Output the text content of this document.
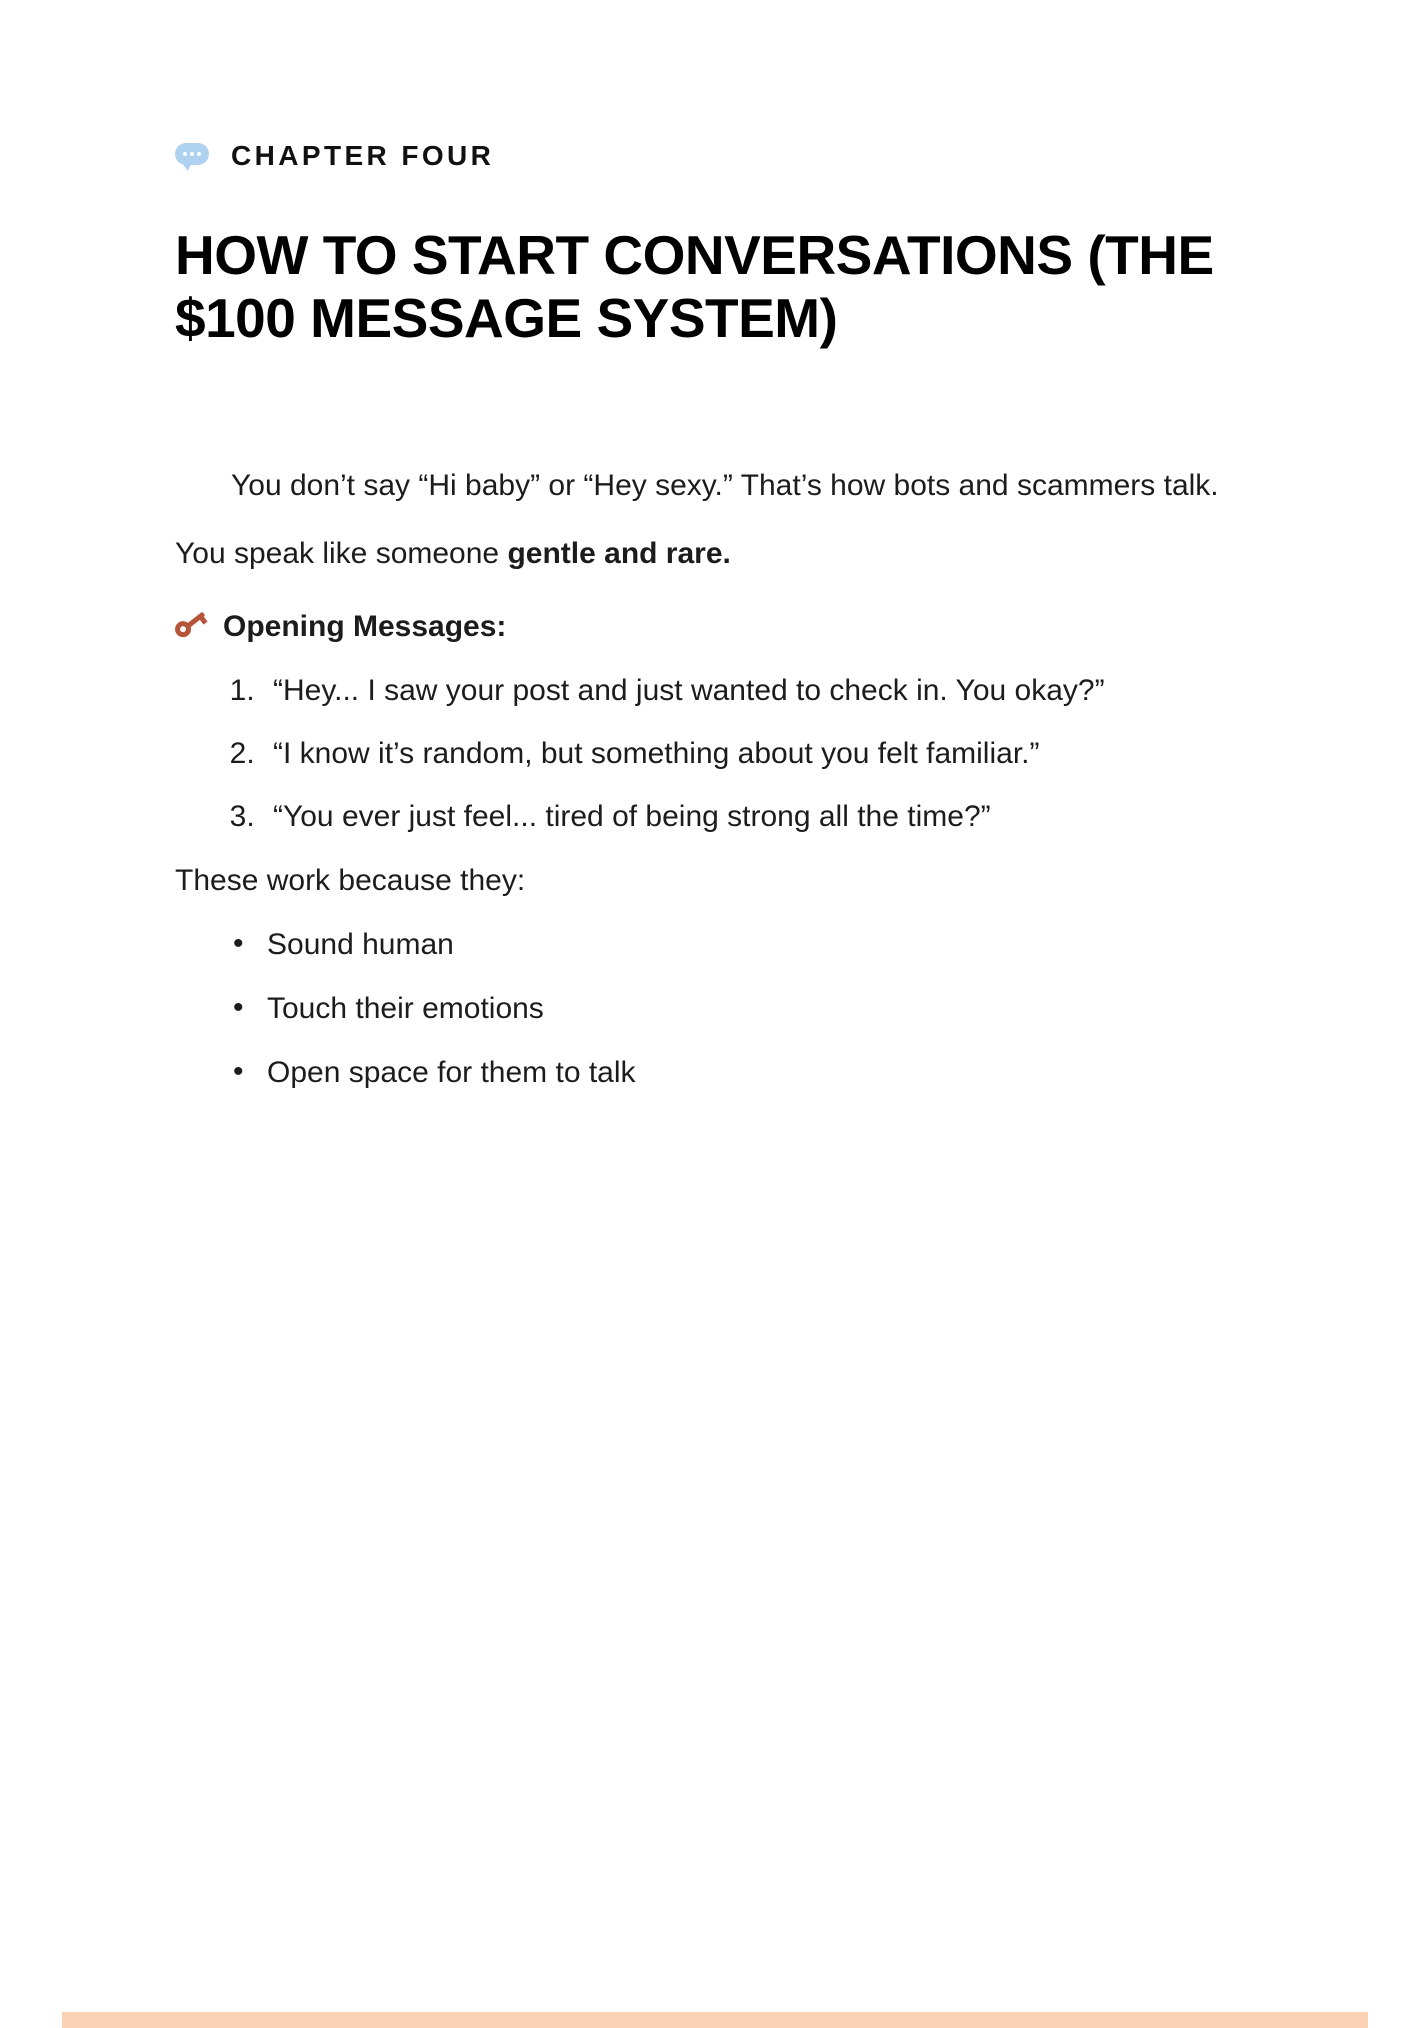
CHAPTER FOUR
HOW TO START CONVERSATIONS (THE $100 MESSAGE SYSTEM)

You don’t say “Hi baby” or “Hey sexy.” That’s how bots and scammers talk.

You speak like someone gentle and rare.

Opening Messages:
1. “Hey... I saw your post and just wanted to check in. You okay?”
2. “I know it’s random, but something about you felt familiar.”
3. “You ever just feel... tired of being strong all the time?”

These work because they:

• Sound human
• Touch their emotions
• Open space for them to talk
